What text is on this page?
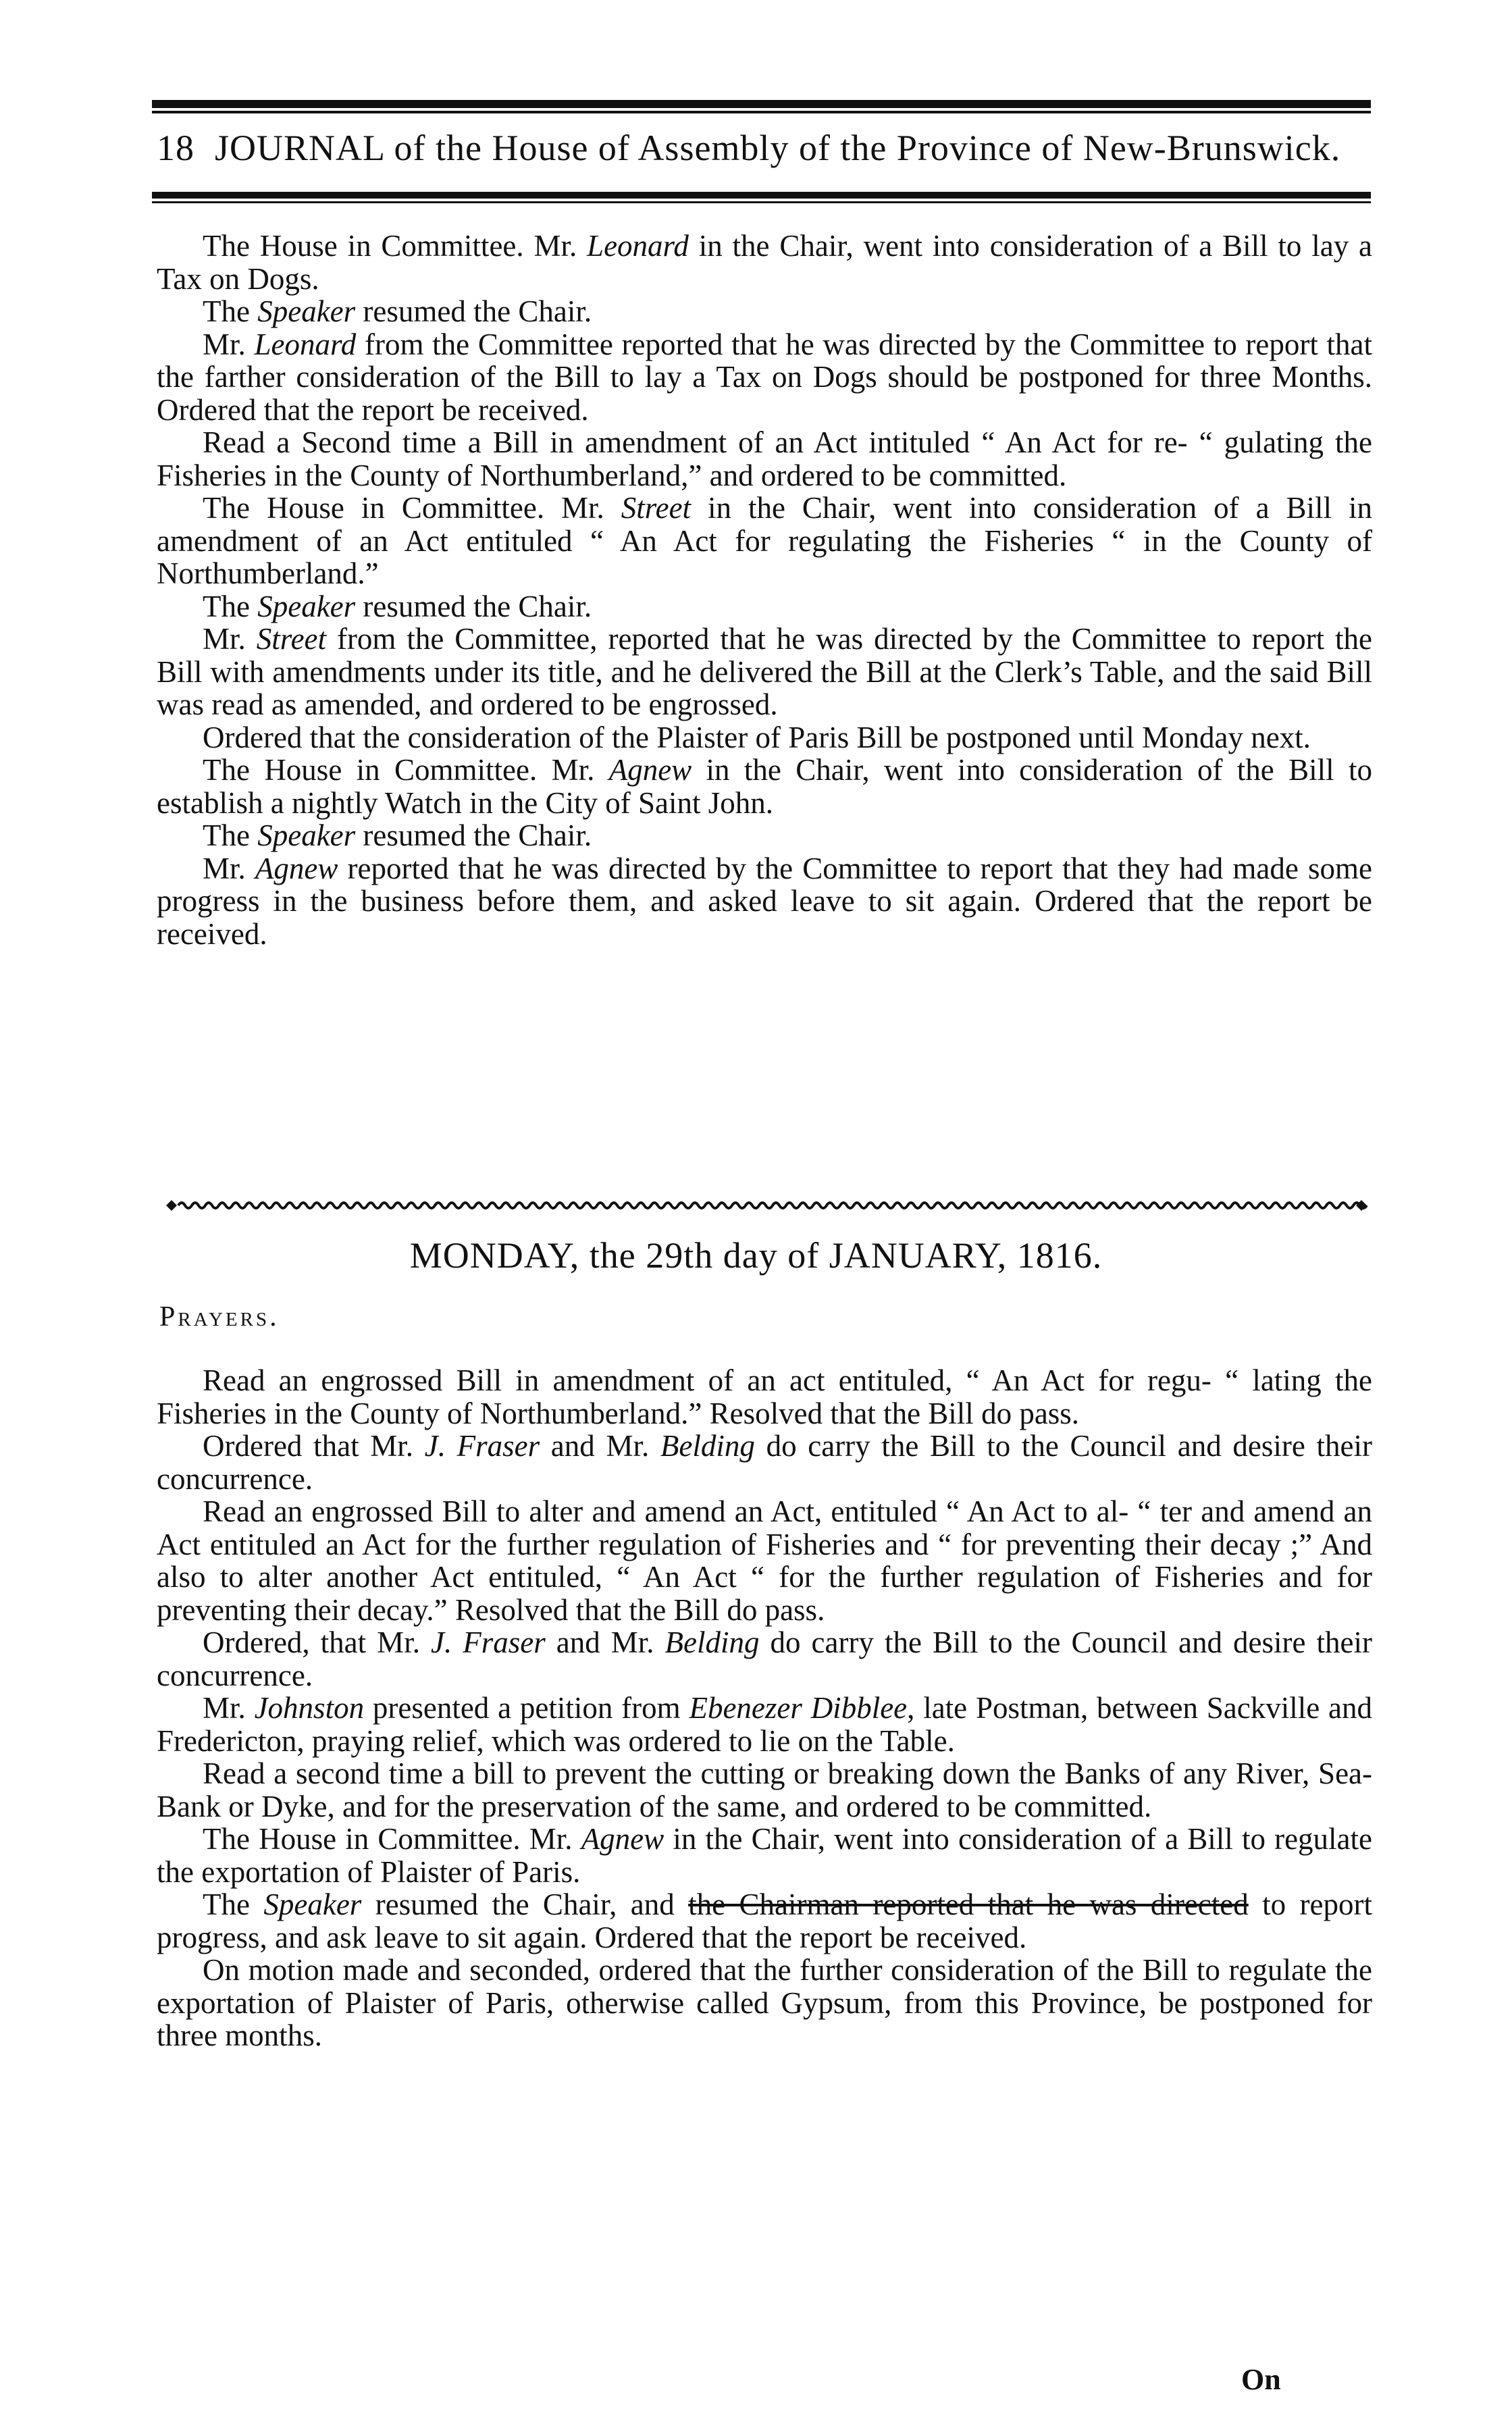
18 JOURNAL of the House of Assembly of the Province of New-Brunswick.

The House in Committee. Mr. Leonard in the Chair, went into consideration of a Bill to lay a Tax on Dogs.

The Speaker resumed the Chair.

Mr. Leonard from the Committee reported that he was directed by the Committee to report that the farther consideration of the Bill to lay a Tax on Dogs should be postponed for three Months. Ordered that the report be received.

Read a Second time a Bill in amendment of an Act intituled “ An Act for re- “ gulating the Fisheries in the County of Northumberland,” and ordered to be committed.

The House in Committee. Mr. Street in the Chair, went into consideration of a Bill in amendment of an Act entituled “ An Act for regulating the Fisheries “ in the County of Northumberland.”

The Speaker resumed the Chair.

Mr. Street from the Committee, reported that he was directed by the Committee to report the Bill with amendments under its title, and he delivered the Bill at the Clerk’s Table, and the said Bill was read as amended, and ordered to be engrossed.

Ordered that the consideration of the Plaister of Paris Bill be postponed until Monday next.

The House in Committee. Mr. Agnew in the Chair, went into consideration of the Bill to establish a nightly Watch in the City of Saint John.

The Speaker resumed the Chair.

Mr. Agnew reported that he was directed by the Committee to report that they had made some progress in the business before them, and asked leave to sit again. Ordered that the report be received.

MONDAY, the 29th day of JANUARY, 1816.
Prayers.

Read an engrossed Bill in amendment of an act entituled, “ An Act for regu- “ lating the Fisheries in the County of Northumberland.” Resolved that the Bill do pass.

Ordered that Mr. J. Fraser and Mr. Belding do carry the Bill to the Council and desire their concurrence.

Read an engrossed Bill to alter and amend an Act, entituled “ An Act to al- “ ter and amend an Act entituled an Act for the further regulation of Fisheries and “ for preventing their decay ;” And also to alter another Act entituled, “ An Act “ for the further regulation of Fisheries and for preventing their decay.” Resolved that the Bill do pass.

Ordered, that Mr. J. Fraser and Mr. Belding do carry the Bill to the Council and desire their concurrence.

Mr. Johnston presented a petition from Ebenezer Dibblee, late Postman, between Sackville and Fredericton, praying relief, which was ordered to lie on the Table.

Read a second time a bill to prevent the cutting or breaking down the Banks of any River, Sea-Bank or Dyke, and for the preservation of the same, and ordered to be committed.

The House in Committee. Mr. Agnew in the Chair, went into consideration of a Bill to regulate the exportation of Plaister of Paris.

The Speaker resumed the Chair, and the Chairman reported that he was directed to report progress, and ask leave to sit again. Ordered that the report be received.

On motion made and seconded, ordered that the further consideration of the Bill to regulate the exportation of Plaister of Paris, otherwise called Gypsum, from this Province, be postponed for three months.

On
